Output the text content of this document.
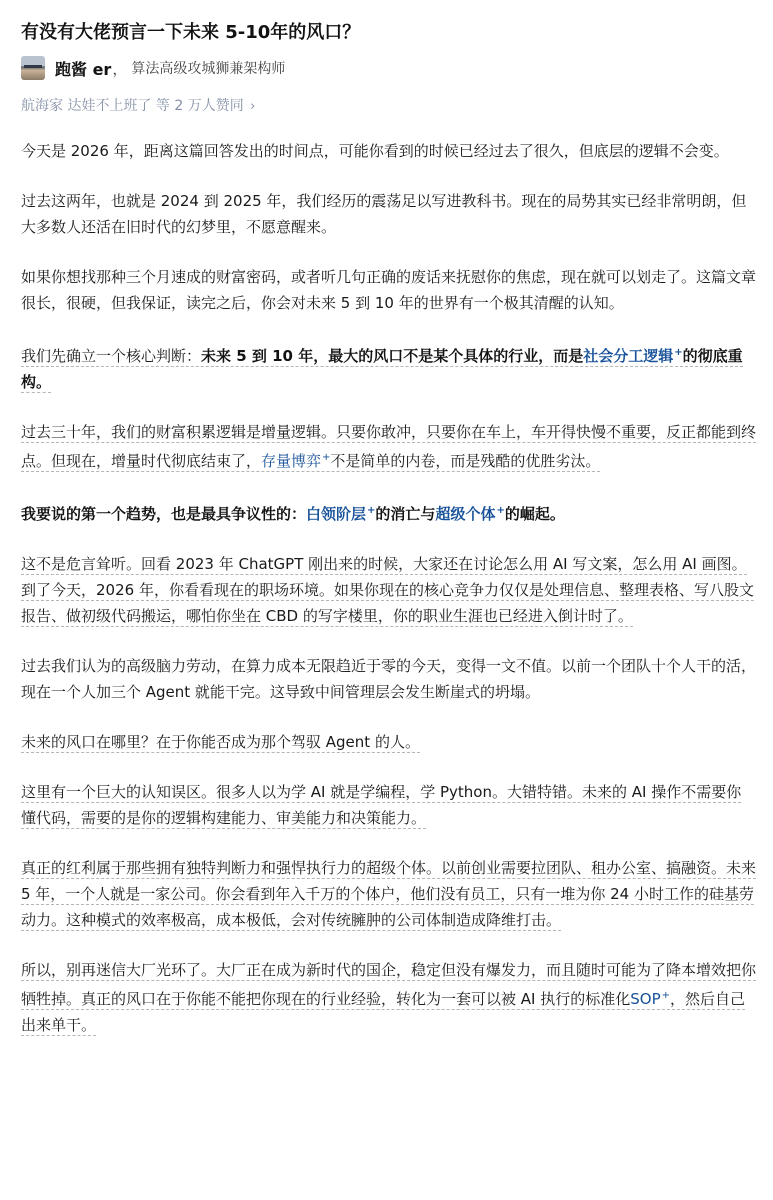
有没有大佬预言一下未来 5-10年的风口？
跑酱 er ， 算法高级攻城狮兼架构师
航海家 达娃不上班了 等 2 万人赞同 ›

今天是 2026 年，距离这篇回答发出的时间点，可能你看到的时候已经过去了很久，但底层的逻辑不会变。

过去这两年，也就是 2024 到 2025 年，我们经历的震荡足以写进教科书。现在的局势其实已经非常明朗，但大多数人还活在旧时代的幻梦里，不愿意醒来。

如果你想找那种三个月速成的财富密码，或者听几句正确的废话来抚慰你的焦虑，现在就可以划走了。这篇文章很长，很硬，但我保证，读完之后，你会对未来 5 到 10 年的世界有一个极其清醒的认知。

我们先确立一个核心判断：未来 5 到 10 年，最大的风口不是某个具体的行业，而是社会分工逻辑+的彻底重构。

过去三十年，我们的财富积累逻辑是增量逻辑。只要你敢冲，只要你在车上，车开得快慢不重要，反正都能到终点。但现在，增量时代彻底结束了，存量博弈+不是简单的内卷，而是残酷的优胜劣汰。

我要说的第一个趋势，也是最具争议性的：白领阶层+的消亡与超级个体+的崛起。

这不是危言耸听。回看 2023 年 ChatGPT 刚出来的时候，大家还在讨论怎么用 AI 写文案，怎么用 AI 画图。到了今天，2026 年，你看看现在的职场环境。如果你现在的核心竞争力仅仅是处理信息、整理表格、写八股文报告、做初级代码搬运，哪怕你坐在 CBD 的写字楼里，你的职业生涯也已经进入倒计时了。

过去我们认为的高级脑力劳动，在算力成本无限趋近于零的今天，变得一文不值。以前一个团队十个人干的活，现在一个人加三个 Agent 就能干完。这导致中间管理层会发生断崖式的坍塌。

未来的风口在哪里？在于你能否成为那个驾驭 Agent 的人。

这里有一个巨大的认知误区。很多人以为学 AI 就是学编程，学 Python。大错特错。未来的 AI 操作不需要你懂代码，需要的是你的逻辑构建能力、审美能力和决策能力。

真正的红利属于那些拥有独特判断力和强悍执行力的超级个体。以前创业需要拉团队、租办公室、搞融资。未来 5 年，一个人就是一家公司。你会看到年入千万的个体户，他们没有员工，只有一堆为你 24 小时工作的硅基劳动力。这种模式的效率极高，成本极低，会对传统臃肿的公司体制造成降维打击。

所以，别再迷信大厂光环了。大厂正在成为新时代的国企，稳定但没有爆发力，而且随时可能为了降本增效把你牺牲掉。真正的风口在于你能不能把你现在的行业经验，转化为一套可以被 AI 执行的标准化SOP+，然后自己出来单干。
